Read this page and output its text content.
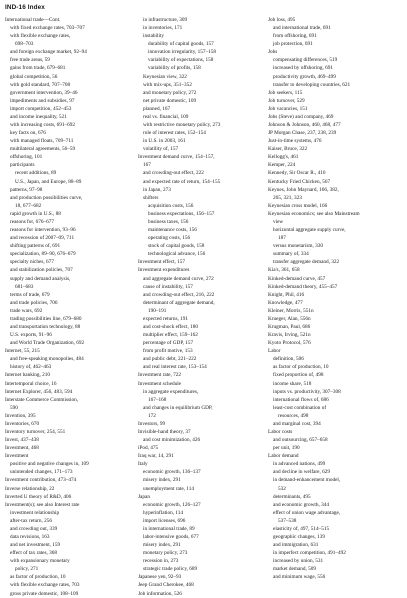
IND-16 Index
International trade—Cont.
with fixed exchange rates, 703–707
with flexible exchange rates,
698–703
and foreign exchange market, 92–94
free trade areas, 59
gains from trade, 679–681
global competition, 56
with gold standard, 707–708
government intervention, 39–46
impediments and subsidies, 97
import competition, 452–453
and income inequality, 521
with increasing costs, 691–692
key facts on, 676
with managed floats, 709–711
multilateral agreements, 56–59
offshoring, 101
participants
recent additions, 89
U.S., Japan, and Europe, 88–89
patterns, 97–98
and production possibilities curve,
18, 677–682
rapid growth in U.S., 88
reasons for, 676–677
reasons for intervention, 93–96
and recession of 2007–09, 711
shifting patterns of, 691
specialization, 89–90, 676–679
specialty niches, 677
and stabilization policies, 707
supply and demand analysis,
681–683
terms of trade, 679
and trade policies, 706
trade wars, 692
trading possibilities line, 679–680
and transportation technology, 88
U.S. exports, 91–96
and World Trade Organization, 692
Internet, 55, 215
and free-speaking monopolies, 484
history of, 462–463
Internet banking, 210
Intertemporal choice, 16
Internet Explorer, 456, 483, 594
Interstate Commerce Commission,
590
Invention, 395
Inventories, 670
Inventory turnover, 254, 551
Invest, 437–438
Investment, 468
Investment
positive and negative changes in, 109
unintended changes, 171–173
Investment contribution, 473–474
Inverse relationship, 22
Inverted U theory of R&D, 406
Investment(s); see also Interest rate
investment relationship
after-tax return, 256
and crowding out, 339
data revisions, 163
and net investment, 159
effect of tax rates, 368
with expansionary monetary
policy, 271
as factor of production, 10
with flexible exchange rates, 703
gross private domestic, 108–109
in infrastructure, 309
in inventories, 171
instability
durability of capital goods, 157
innovation irregularity, 157–158
variability of expectations, 158
variability of profits, 158
Keynesian view, 322
with mix-ups, 351–352
and monetary policy, 272
net private domestic, 109
planned, 167
real vs. financial, 109
with restrictive monetary policy, 273
role of interest rates, 152–154
in U.S. in 2003, 161
volatility of, 157
Investment demand curve, 154–157,
167
and crowding-out effect, 222
and expected rate of return, 154–155
in Japan, 273
shifters
acquisition costs, 156
business expectations, 156–157
business taxes, 156
maintenance costs, 156
operating costs, 156
stock of capital goods, 158
technological advance, 156
Investment effect, 157
Investment expenditures
and aggregate demand curve, 272
cause of instability, 157
and crowding-out effect, 216, 222
determinant of aggregate demand,
190–191
expected returns, 191
and cost-shock effect, 180
multiplier effect, 159–162
percentage of GDP, 157
from profit motive, 153
and public debt, 221–222
and real interest rate, 153–154
Investment rate, 722
Investment schedule
in aggregate expenditures,
167–168
and changes in equilibrium GDP,
172
Investors, 99
Invisible-hand theory, 37
and cost minimization, 426
iPod, 475
Iraq war, 14, 291
Italy
economic growth, 136–137
misery index, 291
unemployment rate, 114
Japan
economic growth, 126–127
hyperinflation, 114
import licenses, 696
in international trade, 89
labor-intensive goods, 677
misery index, 291
monetary policy, 273
recession in, 273
strategic trade policy, 689
Japanese yen, 92–93
Jeep Grand Cherokee, 468
Job information, 526
Job loss, 495
and international trade, 691
from offshoring, 691
job protection, 691
Jobs
compensating differences, 519
increased by offshoring, 691
productivity growth, 469–499
transfer to developing countries, 621
Job seekers, 115
Job turnover, 529
Job vacancies, 151
Jobs (Steve) and company, 469
Johnson & Johnson, 460, 468, 477
JP Morgan Chase, 237, 238, 239
Just-in-time systems, 476
Kaiser, Bruce, 322
Kellogg's, 461
Kemper, 224
Kennedy, Sir Oscar R., 410
Kentucky Fried Chicken, 567
Keynes, John Maynard, 166, 382,
265, 321, 323
Keynesian cross model, 166
Keynesian economics; see also Mainstream
view
horizontal aggregate supply curve,
187
versus monetarism, 330
summary of, 334
transfer aggregate demand, 322
Kia's, 361, 658
Kinked-demand curve, 457
Kinked-demand theory, 455–457
Knight, Phil, 416
Knowledge, 477
Kleiner, Morris, 551n
Krueger, Alan, 556n
Krugman, Paul, 686
Kravis, Irving, 521n
Kyoto Protocol, 576
Labor
definition, 506
as factor of production, 10
fixed proportion of, 498
income share, 518
inputs vs. productivity, 307–308
international flows of, 686
least-cost combination of
resources, 498
and marginal cost, 394
Labor costs
and outsourcing, 657–658
per unit, 190
Labor demand
in advanced nations, 499
and decline in welfare, 629
in demand-enhancement model,
532
determinants, 495
and economic growth, 344
effect of union wage advantage,
537–538
elasticity of, 497, 514–515
geographic changes, 139
and immigration, 631
in imperfect competition, 491–492
increased by union, 531
market demand, 509
and minimum wage, 556
